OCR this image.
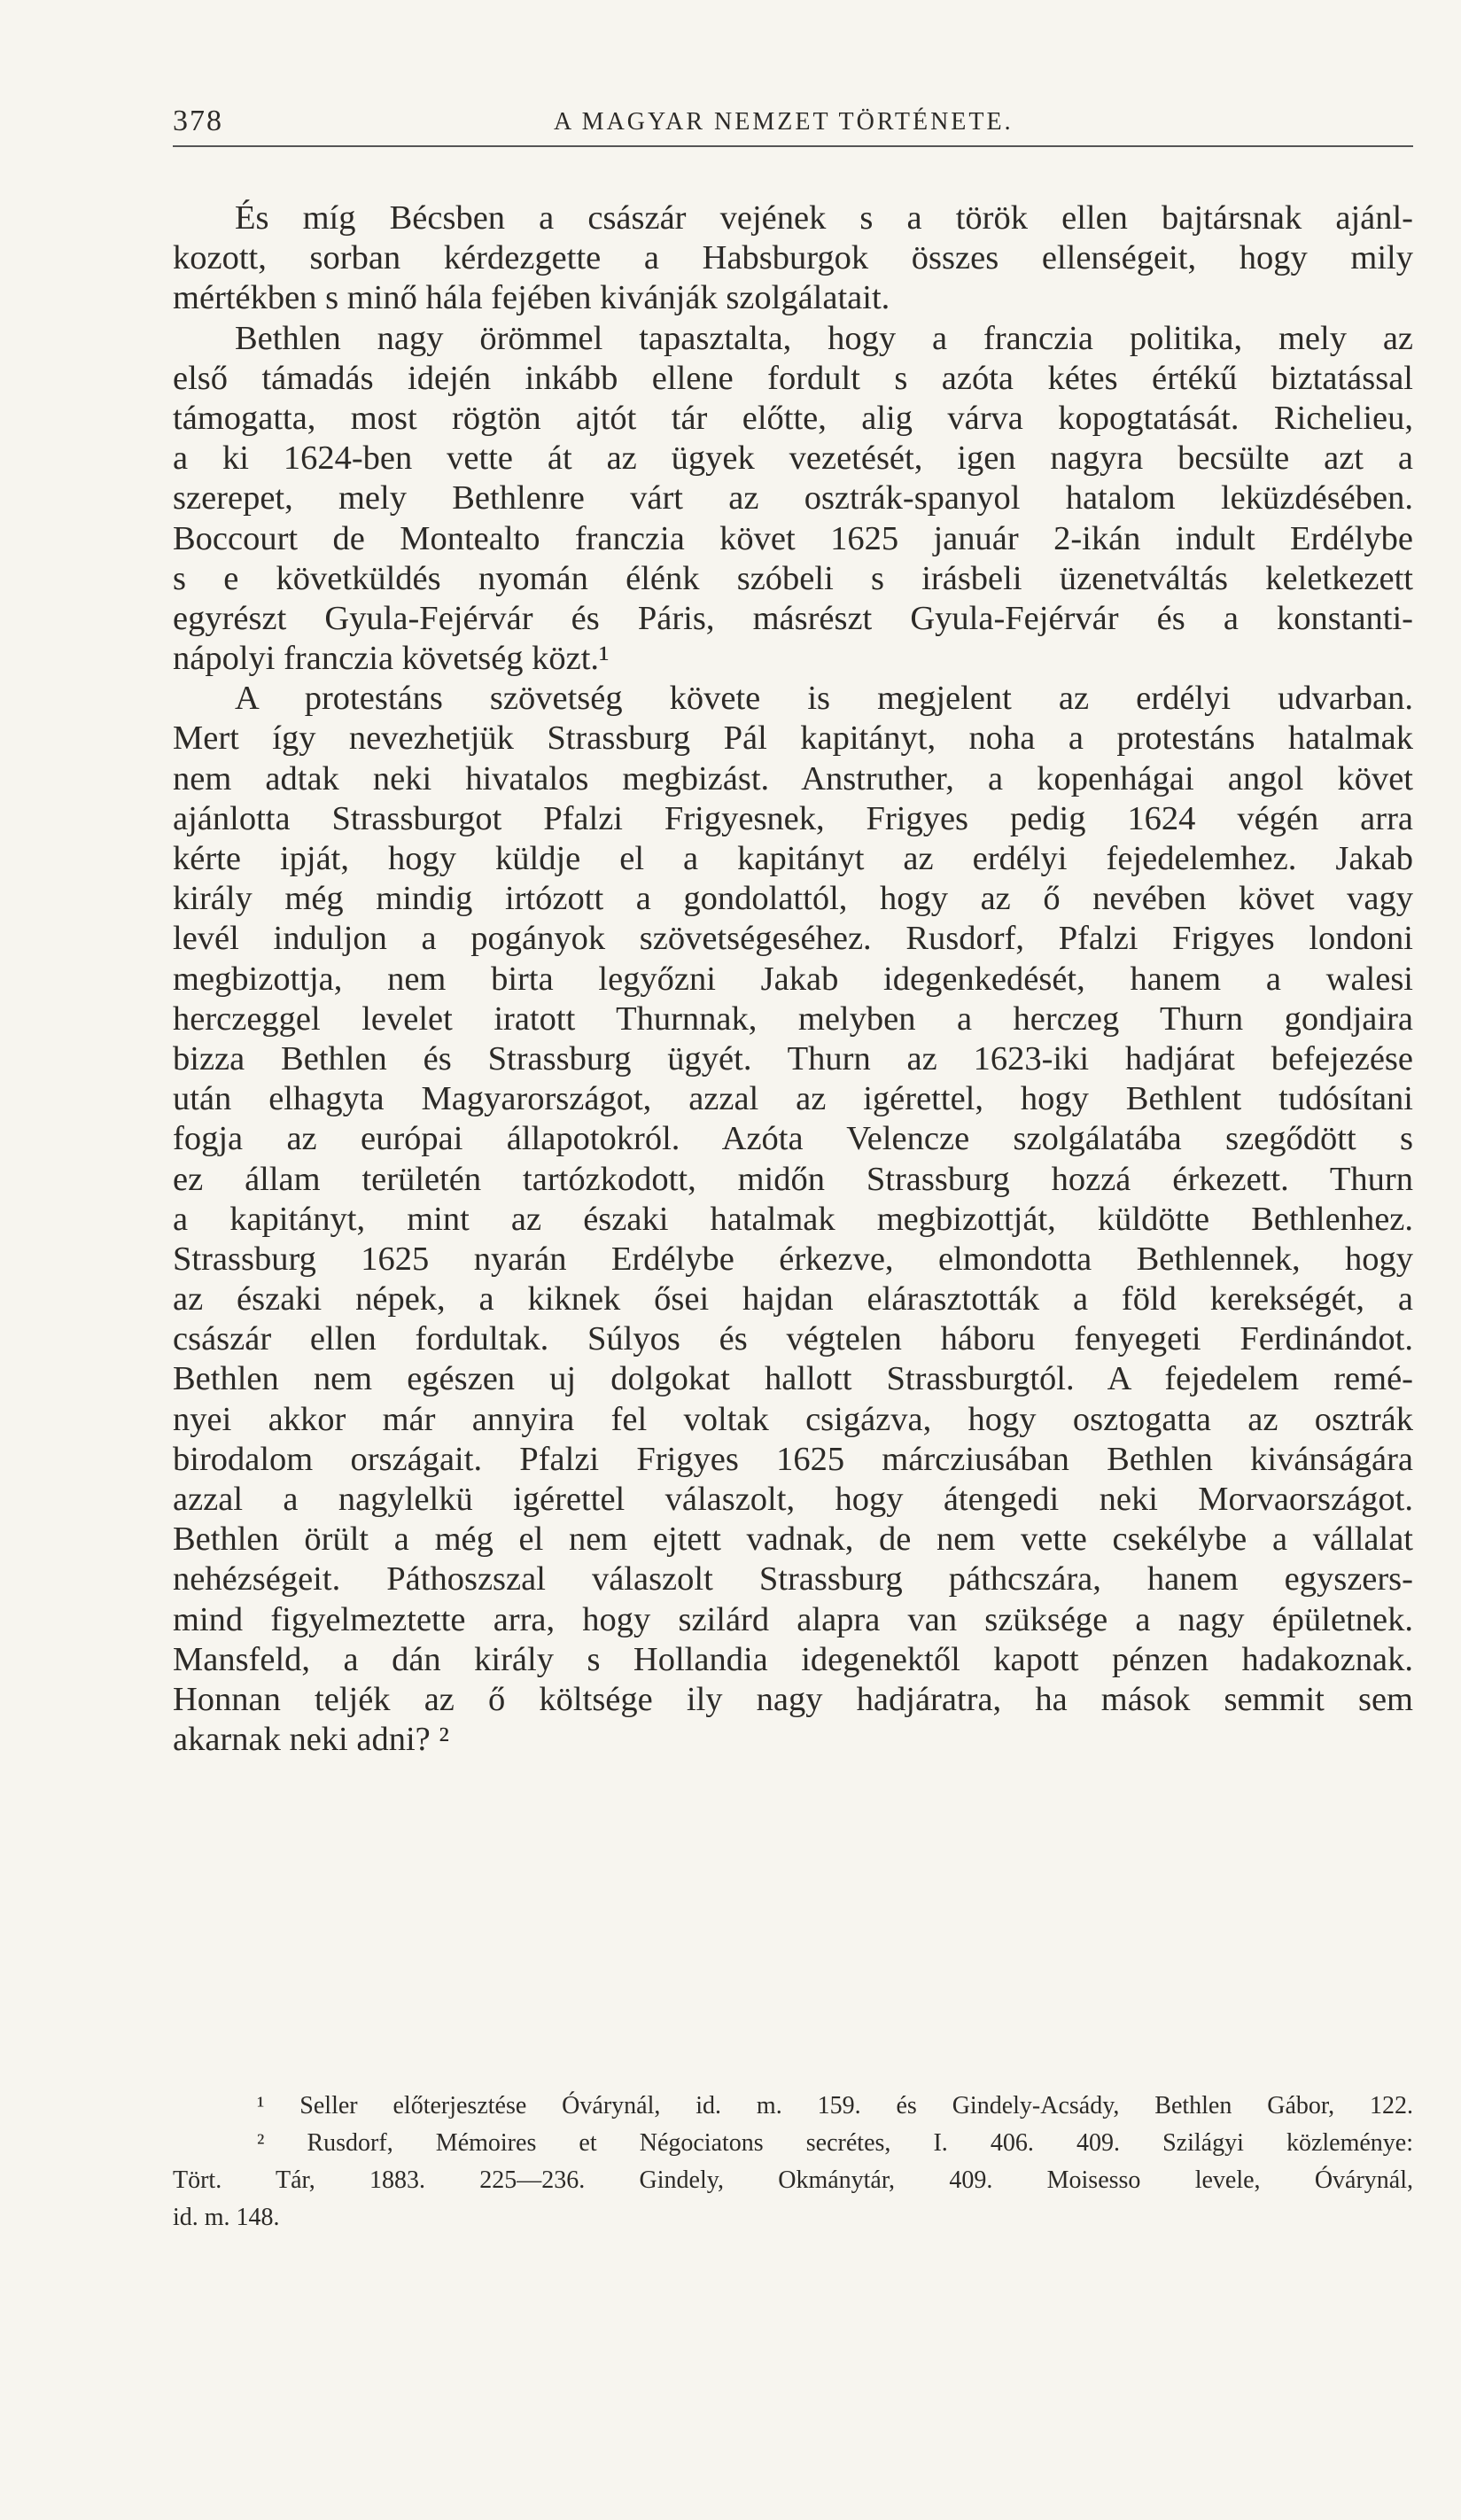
378	A MAGYAR NEMZET TÖRTÉNETE.
És míg Bécsben a császár vejének s a török ellen bajtársnak ajánl-
kozott, sorban kérdezgette a Habsburgok összes ellenségeit, hogy mily
mértékben s minő hála fejében kivánják szolgálatait.
Bethlen nagy örömmel tapasztalta, hogy a franczia politika, mely az
első támadás idején inkább ellene fordult s azóta kétes értékű biztatással
támogatta, most rögtön ajtót tár előtte, alig várva kopogtatását. Richelieu,
a ki 1624-ben vette át az ügyek vezetését, igen nagyra becsülte azt a
szerepet, mely Bethlenre várt az osztrák-spanyol hatalom leküzdésében.
Boccourt de Montealto franczia követ 1625 január 2-ikán indult Erdélybe
s e követküldés nyomán élénk szóbeli s irásbeli üzenetváltás keletkezett
egyrészt Gyula-Fejérvár és Páris, másrészt Gyula-Fejérvár és a konstanti-
nápolyi franczia követség közt.¹
A protestáns szövetség követe is megjelent az erdélyi udvarban.
Mert így nevezhetjük Strassburg Pál kapitányt, noha a protestáns hatalmak
nem adtak neki hivatalos megbizást. Anstruther, a kopenhágai angol követ
ajánlotta Strassburgot Pfalzi Frigyesnek, Frigyes pedig 1624 végén arra
kérte ipját, hogy küldje el a kapitányt az erdélyi fejedelemhez. Jakab
király még mindig irtózott a gondolattól, hogy az ő nevében követ vagy
levél induljon a pogányok szövetségeséhez. Rusdorf, Pfalzi Frigyes londoni
megbizottja, nem birta legyőzni Jakab idegenkedését, hanem a walesi
herczeggel levelet iratott Thurnnak, melyben a herczeg Thurn gondjaira
bizza Bethlen és Strassburg ügyét. Thurn az 1623-iki hadjárat befejezése
után elhagyta Magyarországot, azzal az igérettel, hogy Bethlent tudósítani
fogja az európai állapotokról. Azóta Velencze szolgálatába szegődött s
ez állam területén tartózkodott, midőn Strassburg hozzá érkezett. Thurn
a kapitányt, mint az északi hatalmak megbizottját, küldötte Bethlenhez.
Strassburg 1625 nyarán Erdélybe érkezve, elmondotta Bethlennek, hogy
az északi népek, a kiknek ősei hajdan elárasztották a föld kerekségét, a
császár ellen fordultak. Súlyos és végtelen háboru fenyegeti Ferdinándot.
Bethlen nem egészen uj dolgokat hallott Strassburgtól. A fejedelem remé-
nyei akkor már annyira fel voltak csigázva, hogy osztogatta az osztrák
birodalom országait. Pfalzi Frigyes 1625 márcziusában Bethlen kivánságára
azzal a nagylelkü igérettel válaszolt, hogy átengedi neki Morvaországot.
Bethlen örült a még el nem ejtett vadnak, de nem vette csekélybe a vállalat
nehézségeit. Páthoszszal válaszolt Strassburg páthcszára, hanem egyszers-
mind figyelmeztette arra, hogy szilárd alapra van szüksége a nagy épületnek.
Mansfeld, a dán király s Hollandia idegenektől kapott pénzen hadakoznak.
Honnan teljék az ő költsége ily nagy hadjáratra, ha mások semmit sem
akarnak neki adni? ²
¹ Seller előterjesztése Óvárynál, id. m. 159. és Gindely-Acsády, Bethlen Gábor, 122.
² Rusdorf, Mémoires et Négociatons secrétes, I. 406. 409. Szilágyi közleménye:
Tört. Tár, 1883. 225—236. Gindely, Okmánytár, 409. Moisesso levele, Óvárynál,
id. m. 148.
